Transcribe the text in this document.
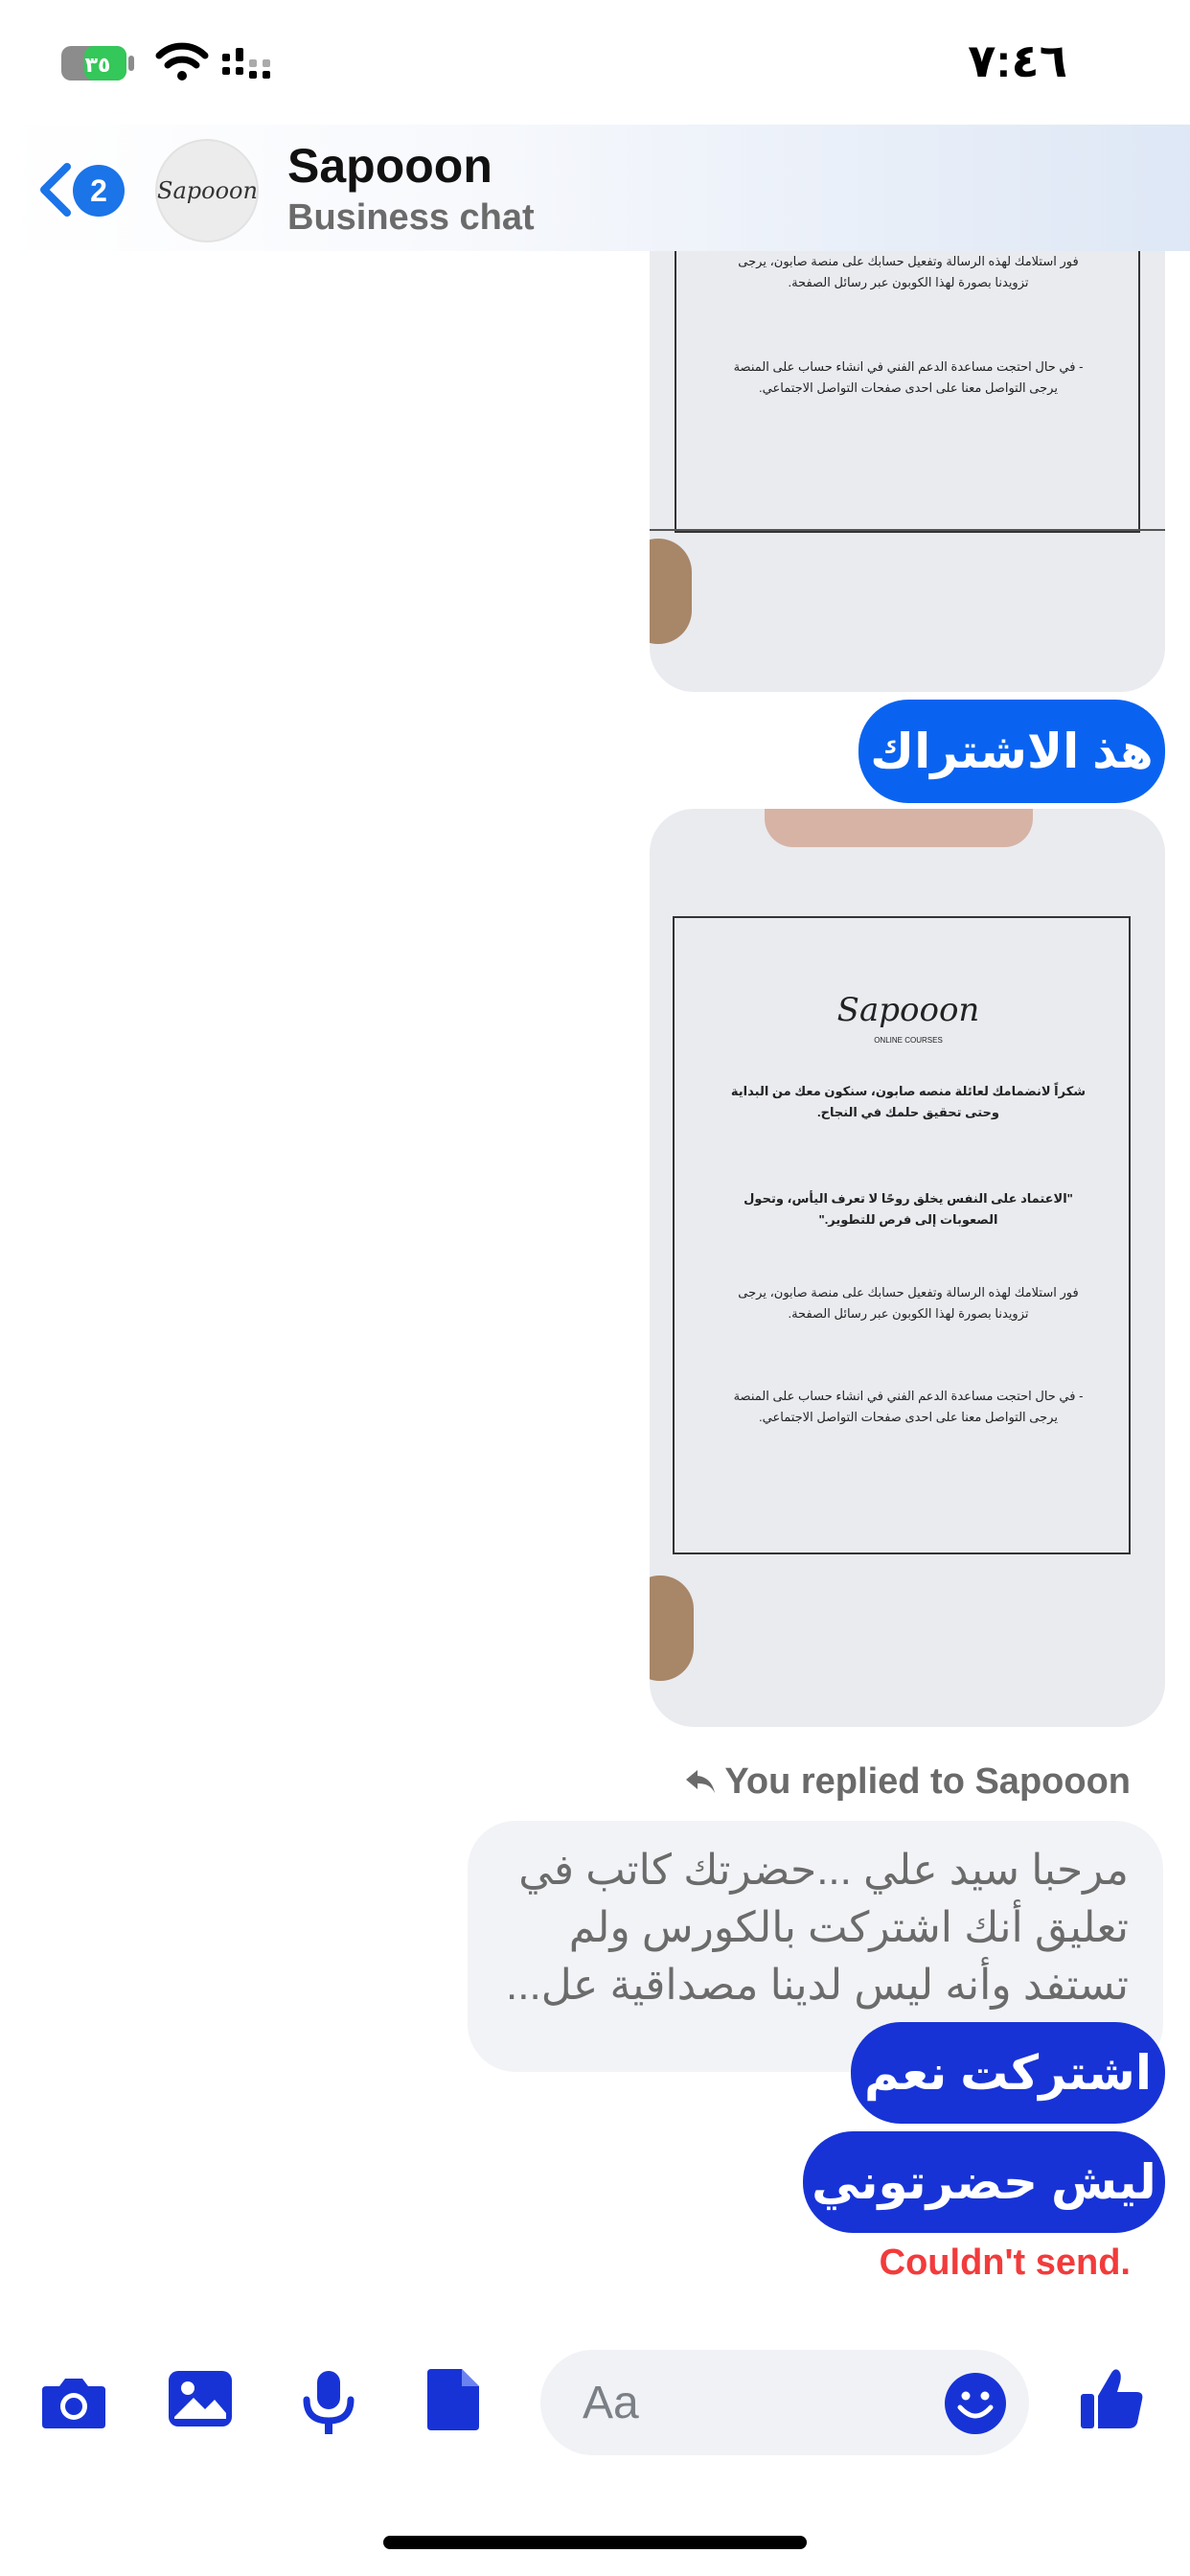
٣٥	٧:٤٦
2	Sapooon Sapooon
Business chat
فور استلامك لهذه الرسالة وتفعيل حسابك على منصة صابون، يرجى تزويدنا بصورة لهذا الكوبون عبر رسائل الصفحة.
- في حال احتجت مساعدة الدعم الفني في انشاء حساب على المنصة يرجى التواصل معنا على احدى صفحات التواصل الاجتماعي.
هذ الاشتراك
Sapooon
ONLINE COURSES
شكراً لانضمامك لعائلة منصه صابون، سنكون معك من البداية وحتى تحقيق حلمك في النجاح.
"الاعتماد على النفس يخلق روحًا لا تعرف اليأس، وتحول الصعوبات إلى فرص للتطوير."
فور استلامك لهذه الرسالة وتفعيل حسابك على منصة صابون، يرجى تزويدنا بصورة لهذا الكوبون عبر رسائل الصفحة.
- في حال احتجت مساعدة الدعم الفني في انشاء حساب على المنصة يرجى التواصل معنا على احدى صفحات التواصل الاجتماعي.
You replied to Sapooon
مرحبا سيد علي ...حضرتك كاتب في تعليق أنك اشتركت بالكورس ولم تستفد وأنه ليس لدينا مصداقية عل...
اشتركت نعم
ليش حضرتوني
Couldn't send.
Aa
